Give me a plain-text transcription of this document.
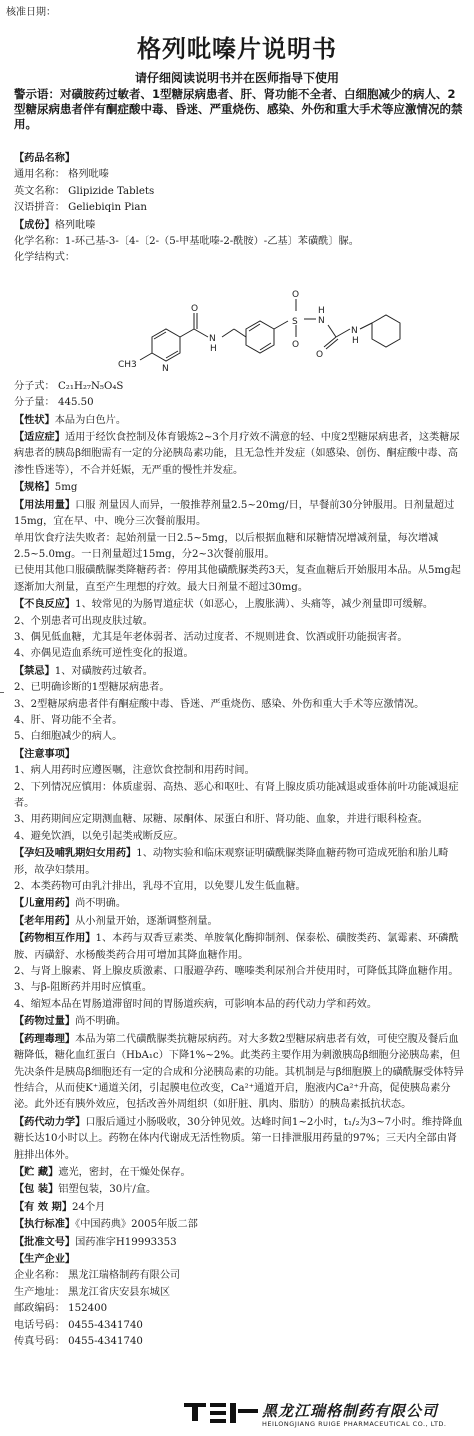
核准日期：
格列吡嗪片说明书
请仔细阅读说明书并在医师指导下使用
警示语：对磺胺药过敏者、1型糖尿病患者、肝、肾功能不全者、白细胞减少的病人、2型糖尿病患者伴有酮症酸中毒、昏迷、严重烧伤、感染、外伤和重大手术等应激情况的禁用。

【药品名称】

通用名称： 格列吡嗪

英文名称： Glipizide Tablets

汉语拼音： Geliebiqin Pian

【成份】格列吡嗪

化学名称：1-环己基-3-〔4-〔2-（5-甲基吡嗪-2-酰胺）-乙基〕苯磺酰〕脲。

化学结构式：

O
N
H
S
O
O
N
H
N
H
O
N
CH3

分子式： C₂₁H₂₇N₅O₄S

分子量： 445.50

【性状】本品为白色片。

【适应症】适用于经饮食控制及体育锻炼2~3个月疗效不满意的轻、中度2型糖尿病患者，这类糖尿病患者的胰岛β细胞需有一定的分泌胰岛素功能，且无急性并发症（如感染、创伤、酮症酸中毒、高渗性昏迷等），不合并妊娠，无严重的慢性并发症。

【规格】5mg

【用法用量】口服 剂量因人而异，一般推荐剂量2.5~20mg/日，早餐前30分钟服用。日剂量超过15mg，宜在早、中、晚分三次餐前服用。

单用饮食疗法失败者：起始剂量一日2.5~5mg，以后根据血糖和尿糖情况增减剂量，每次增减2.5~5.0mg。一日剂量超过15mg，分2~3次餐前服用。

已使用其他口服磺酰脲类降糖药者：停用其他磺酰脲类药3天，复查血糖后开始服用本品。从5mg起逐渐加大剂量，直至产生理想的疗效。最大日剂量不超过30mg。

【不良反应】1、较常见的为肠胃道症状（如恶心，上腹胀满）、头痛等，减少剂量即可缓解。

2、个别患者可出现皮肤过敏。

3、偶见低血糖，尤其是年老体弱者、活动过度者、不规则进食、饮酒或肝功能损害者。

4、亦偶见造血系统可逆性变化的报道。

【禁忌】1、对磺胺药过敏者。

2、已明确诊断的1型糖尿病患者。

3、2型糖尿病患者伴有酮症酸中毒、昏迷、严重烧伤、感染、外伤和重大手术等应激情况。

4、肝、肾功能不全者。

5、白细胞减少的病人。

【注意事项】

1、病人用药时应遵医嘱，注意饮食控制和用药时间。

2、下列情况应慎用：体质虚弱、高热、恶心和呕吐、有肾上腺皮质功能减退或垂体前叶功能减退症者。

3、用药期间应定期测血糖、尿糖、尿酮体、尿蛋白和肝、肾功能、血象，并进行眼科检查。

4、避免饮酒，以免引起类戒断反应。

【孕妇及哺乳期妇女用药】1、动物实验和临床观察证明磺酰脲类降血糖药物可造成死胎和胎儿畸形，故孕妇禁用。

2、本类药物可由乳汁排出，乳母不宜用，以免婴儿发生低血糖。

【儿童用药】尚不明确。

【老年用药】从小剂量开始，逐渐调整剂量。

【药物相互作用】1、本药与双香豆素类、单胺氧化酶抑制剂、保泰松、磺胺类药、氯霉素、环磷酰胺、丙磺舒、水杨酸类药合用可增加其降血糖作用。

2、与肾上腺素、肾上腺皮质激素、口服避孕药、噻嗪类利尿剂合并使用时，可降低其降血糖作用。

3、与β-阻断药并用时应慎重。

4、缩短本品在胃肠道滞留时间的胃肠道疾病，可影响本品的药代动力学和药效。

【药物过量】尚不明确。

【药理毒理】本品为第二代磺酰脲类抗糖尿病药。对大多数2型糖尿病患者有效，可使空腹及餐后血糖降低，糖化血红蛋白（HbA₁c）下降1%~2%。此类药主要作用为刺激胰岛β细胞分泌胰岛素，但先决条件是胰岛β细胞还有一定的合成和分泌胰岛素的功能。其机制是与β细胞膜上的磺酰脲受体特异性结合，从而使K⁺通道关闭，引起膜电位改变，Ca²⁺通道开启，胞液内Ca²⁺升高，促使胰岛素分泌。此外还有胰外效应，包括改善外周组织（如肝脏、肌肉、脂肪）的胰岛素抵抗状态。

【药代动力学】口服后通过小肠吸收，30分钟见效。达峰时间1~2小时，t₁/₂为3~7小时。维持降血糖长达10小时以上。药物在体内代谢成无活性物质。第一日排泄服用药量的97%；三天内全部由肾脏排出体外。

【贮 藏】遮光，密封，在干燥处保存。

【包 装】铝塑包装，30片/盒。

【有 效 期】24个月

【执行标准】《中国药典》2005年版二部

【批准文号】国药准字H19993353

【生产企业】

企业名称： 黑龙江瑞格制药有限公司

生产地址： 黑龙江省庆安县东城区

邮政编码： 152400

电话号码： 0455-4341740

传真号码： 0455-4341740

黑龙江瑞格制药有限公司
HEILONGJIANG RUIGE PHARMACEUTICAL CO., LTD.
